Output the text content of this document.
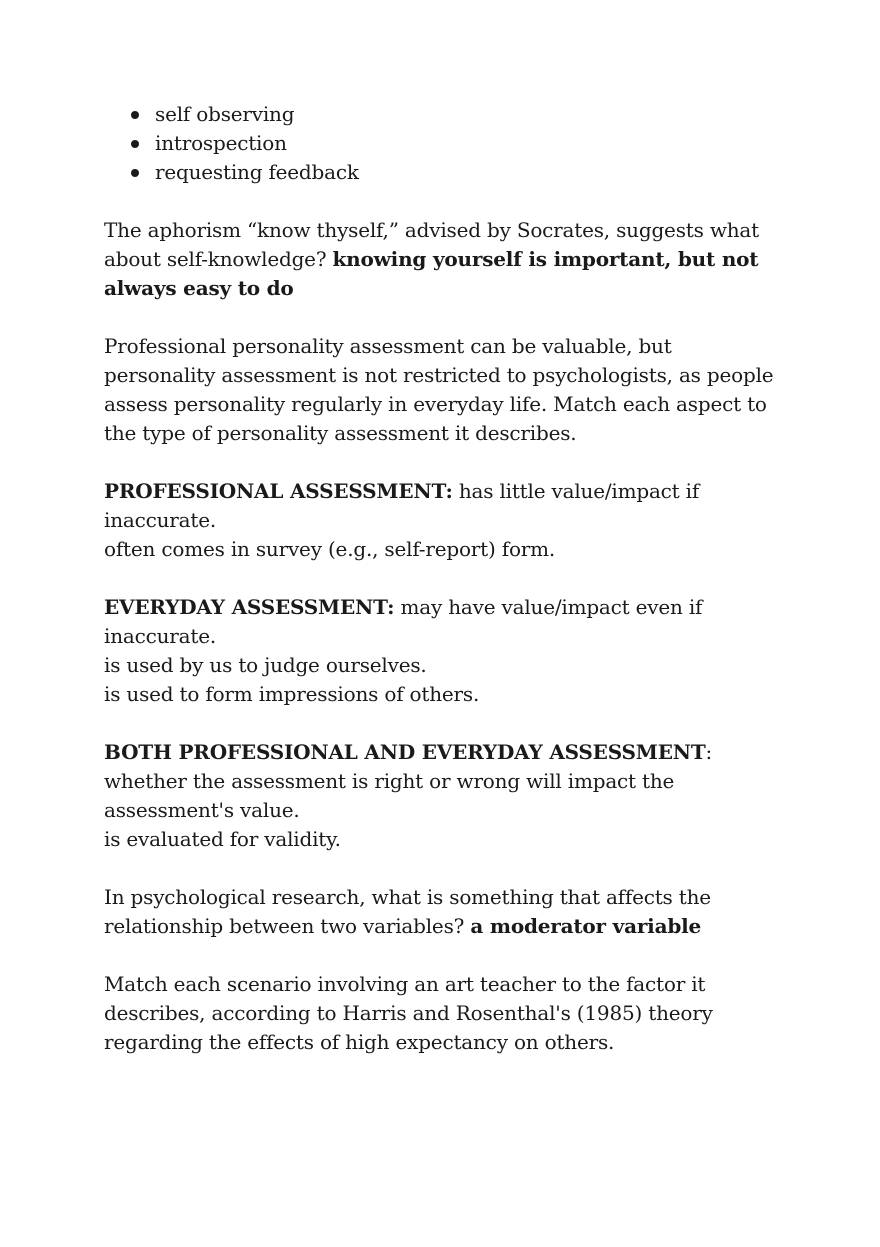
self observing
introspection
requesting feedback

The aphorism “know thyself,” advised by Socrates, suggests what about self-knowledge? knowing yourself is important, but not always easy to do

Professional personality assessment can be valuable, but personality assessment is not restricted to psychologists, as people assess personality regularly in everyday life. Match each aspect to the type of personality assessment it describes.

PROFESSIONAL ASSESSMENT: has little value/impact if inaccurate.
often comes in survey (e.g., self-report) form.

EVERYDAY ASSESSMENT: may have value/impact even if inaccurate.
is used by us to judge ourselves.
is used to form impressions of others.

BOTH PROFESSIONAL AND EVERYDAY ASSESSMENT: whether the assessment is right or wrong will impact the assessment's value.
is evaluated for validity.

In psychological research, what is something that affects the relationship between two variables? a moderator variable

Match each scenario involving an art teacher to the factor it describes, according to Harris and Rosenthal's (1985) theory regarding the effects of high expectancy on others.
